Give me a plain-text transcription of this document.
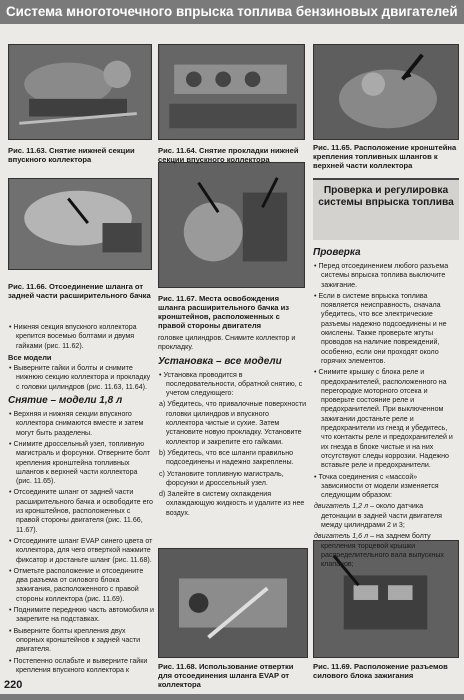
Система многоточечного впрыска топлива бензиновых двигателей
Рис. 11.63. Снятие нижней секции впускного коллектора
Рис. 11.64. Снятие прокладки нижней секции впускного коллектора
Рис. 11.65. Расположение кронштейна крепления топливных шлангов к верхней части коллектора
Рис. 11.66. Отсоединение шланга от задней части расширительного бачка Рис. 11.67. Места освобождения шланга расширительного бачка из кронштейнов, расположенных с правой стороны двигателя
Рис. 11.68. Использование отвертки для отсоединения шланга EVAP от коллектора
Рис. 11.69. Расположение разъемов силового блока зажигания

• Нижняя секция впускного коллектора крепится восемью болтами и двумя гайками (рис. 11.62).

Все модели

• Выверните гайки и болты и снимите нижнюю секцию коллектора и прокладку с головки цилиндров (рис. 11.63, 11.64).

Снятие – модели 1,8 л

• Верхняя и нижняя секции впускного коллектора снимаются вместе и затем могут быть разделены.

• Снимите дроссельный узел, топливную магистраль и форсунки. Отверните болт крепления кронштейна топливных шлангов к верхней части коллектора (рис. 11.65).

• Отсоедините шланг от задней части расширительного бачка и освободите его из кронштейнов, расположенных с правой стороны двигателя (рис. 11.66, 11.67).

• Отсоедините шланг EVAP синего цвета от коллектора, для чего отверткой нажмите фиксатор и достаньте шланг (рис. 11.68).

• Отметьте расположение и отсоедините два разъема от силового блока зажигания, расположенного с правой стороны коллектора (рис. 11.69).

• Поднимите переднюю часть автомобиля и закрепите на подставках.

• Выверните болты крепления двух опорных кронштейнов к задней части двигателя.

• Постепенно ослабьте и выверните гайки крепления впускного коллектора к

головке цилиндров. Снимите коллектор и прокладку.

Установка – все модели

• Установка проводится в последовательности, обратной снятию, с учетом следующего:

а) Убедитесь, что привалочные поверхности головки цилиндров и впускного коллектора чистые и сухие. Затем установите новую прокладку. Установите коллектор и закрепите его гайками.

b) Убедитесь, что все шланги правильно подсоединены и надежно закреплены.

c) Установите топливную магистраль, форсунки и дроссельный узел.

d) Залейте в систему охлаждения охлаждающую жидкость и удалите из нее воздух.

Проверка и регулировка системы впрыска топлива
Проверка

• Перед отсоединением любого разъема системы впрыска топлива выключите зажигание.

• Если в системе впрыска топлива появляется неисправность, сначала убедитесь, что все электрические разъемы надежно подсоединены и не окислены. Также проверьте жгуты проводов на наличие повреждений, особенно, если они проходят около горячих элементов.

• Снимите крышку с блока реле и предохранителей, расположенного на перегородке моторного отсека и проверьте состояние реле и предохранителей. При выключенном зажигании достаньте реле и предохранители из гнезд и убедитесь, что контакты реле и предохранителей и их гнезда в блоке чистые и на них отсутствуют следы коррозии. Надежно вставьте реле и предохранители.

• Точка соединения с «массой» зависимости от модели изменяется следующим образом:

двигатель 1,2 л – около датчика детонации в задней части двигателя между цилиндрами 2 и 3;

двигатель 1,6 л – на заднем болту крепления торцевой крышки распределительного вала выпускных клапанов;

220
